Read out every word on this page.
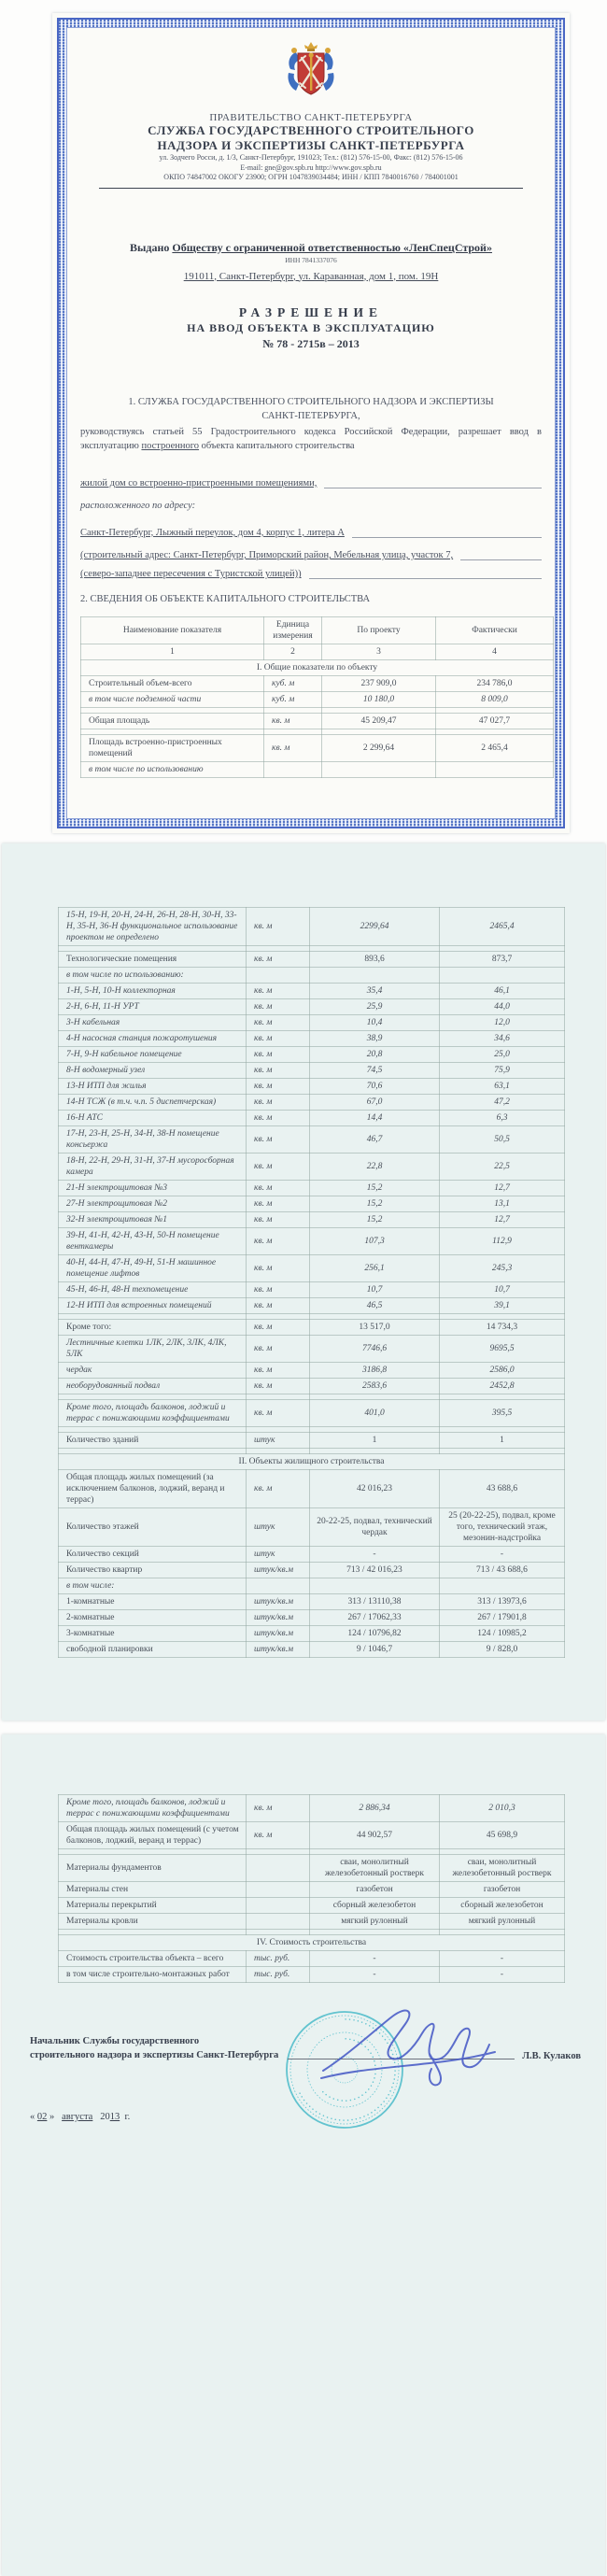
ПРАВИТЕЛЬСТВО САНКТ-ПЕТЕРБУРГА
СЛУЖБА ГОСУДАРСТВЕННОГО СТРОИТЕЛЬНОГО
НАДЗОРА И ЭКСПЕРТИЗЫ САНКТ-ПЕТЕРБУРГА
ул. Зодчего Росси, д. 1/3, Санкт-Петербург, 191023; Тел.: (812) 576-15-00, Факс: (812) 576-15-06
E-mail: gne@gov.spb.ru http://www.gov.spb.ru
ОКПО 74847002 ОКОГУ 23900; ОГРН 1047839034484; ИНН / КПП 7840016760 / 784001001
Выдано Обществу с ограниченной ответственностью «ЛенСпецСтрой»
ИНН 7841337076
191011, Санкт-Петербург, ул. Караванная, дом 1, пом. 19Н
РАЗРЕШЕНИЕ
НА ВВОД ОБЪЕКТА В ЭКСПЛУАТАЦИЮ
№ 78 - 2715в – 2013
1. СЛУЖБА ГОСУДАРСТВЕННОГО СТРОИТЕЛЬНОГО НАДЗОРА И ЭКСПЕРТИЗЫ
САНКТ-ПЕТЕРБУРГА,
руководствуясь статьей 55 Градостроительного кодекса Российской Федерации, разрешает ввод в эксплуатацию построенного объекта капитального строительства
жилой дом со встроенно-пристроенными помещениями,
расположенного по адресу:
Санкт-Петербург, Лыжный переулок, дом 4, корпус 1, литера А
(строительный адрес: Санкт-Петербург, Приморский район, Мебельная улица, участок 7,
(северо-западнее пересечения с Туристской улицей))
2. СВЕДЕНИЯ ОБ ОБЪЕКТЕ КАПИТАЛЬНОГО СТРОИТЕЛЬСТВА
Наименование показателя	Единица измерения	По проекту	Фактически
1	2	3	4
I. Общие показатели по объекту			
Строительный объем-всего	куб. м	237 909,0	234 786,0
в том числе подземной части	куб. м	10 180,0	8 009,0

Общая площадь	кв. м	45 209,47	47 027,7

Площадь встроенно-пристроенных помещений	кв. м	2 299,64	2 465,4
в том числе по использованию			
15-Н, 19-Н, 20-Н, 24-Н, 26-Н, 28-Н, 30-Н, 33-Н, 35-Н, 36-Н функциональное использование проектом не определено	кв. м	2299,64	2465,4

Технологические помещения	кв. м	893,6	873,7
в том числе по использованию:			
1-Н, 5-Н, 10-Н коллекторная	кв. м	35,4	46,1
2-Н, 6-Н, 11-Н УРТ	кв. м	25,9	44,0
3-Н кабельная	кв. м	10,4	12,0
4-Н насосная станция пожаротушения	кв. м	38,9	34,6
7-Н, 9-Н кабельное помещение	кв. м	20,8	25,0
8-Н водомерный узел	кв. м	74,5	75,9
13-Н ИТП для жилья	кв. м	70,6	63,1
14-Н ТСЖ (в т.ч. ч.п. 5 диспетчерская)	кв. м	67,0	47,2
16-Н АТС	кв. м	14,4	6,3
17-Н, 23-Н, 25-Н, 34-Н, 38-Н помещение консьержа	кв. м	46,7	50,5
18-Н, 22-Н, 29-Н, 31-Н, 37-Н мусоросборная камера	кв. м	22,8	22,5
21-Н электрощитовая №3	кв. м	15,2	12,7
27-Н электрощитовая №2	кв. м	15,2	13,1
32-Н электрощитовая №1	кв. м	15,2	12,7
39-Н, 41-Н, 42-Н, 43-Н, 50-Н помещение венткамеры	кв. м	107,3	112,9
40-Н, 44-Н, 47-Н, 49-Н, 51-Н машинное помещение лифтов	кв. м	256,1	245,3
45-Н, 46-Н, 48-Н техпомещение	кв. м	10,7	10,7
12-Н ИТП для встроенных помещений	кв. м	46,5	39,1

Кроме того:	кв. м	13 517,0	14 734,3
Лестничные клетки 1ЛК, 2ЛК, 3ЛК, 4ЛК, 5ЛК	кв. м	7746,6	9695,5
чердак	кв. м	3186,8	2586,0
необорудованный подвал	кв. м	2583,6	2452,8

Кроме того, площадь балконов, лоджий и террас с понижающими коэффициентами	кв. м	401,0	395,5

Количество зданий	штук	1	1

II. Объекты жилищного строительства			
Общая площадь жилых помещений (за исключением балконов, лоджий, веранд и террас)	кв. м	42 016,23	43 688,6
Количество этажей	штук	20-22-25, подвал, технический чердак	25 (20-22-25), подвал, кроме того, технический этаж, мезонин-надстройка
Количество секций	штук	-	-
Количество квартир	штук/кв.м	713 / 42 016,23	713 / 43 688,6
в том числе:			
1-комнатные	штук/кв.м	313 / 13110,38	313 / 13973,6
2-комнатные	штук/кв.м	267 / 17062,33	267 / 17901,8
3-комнатные	штук/кв.м	124 / 10796,82	124 / 10985,2
свободной планировки	штук/кв.м	9 / 1046,7	9 / 828,0
Кроме того, площадь балконов, лоджий и террас с понижающими коэффициентами	кв. м	2 886,34	2 010,3
Общая площадь жилых помещений (с учетом балконов, лоджий, веранд и террас)	кв. м	44 902,57	45 698,9

Материалы фундаментов		сваи, монолитный железобетонный ростверк	сваи, монолитный железобетонный ростверк
Материалы стен		газобетон	газобетон
Материалы перекрытий		сборный железобетон	сборный железобетон
Материалы кровли		мягкий рулонный	мягкий рулонный

IV. Стоимость строительства			
Стоимость строительства объекта – всего	тыс. руб.	-	-
в том числе строительно-монтажных работ	тыс. руб.	-	-
••••••••••••••••••••••••••••••••••••••••••••••••••••
•••••••••••••••••••••••••••••
Начальник Службы государственного
строительного надзора и экспертизы Санкт-Петербурга	Л.В. Кулаков
« 02 » августа 2013 г.
